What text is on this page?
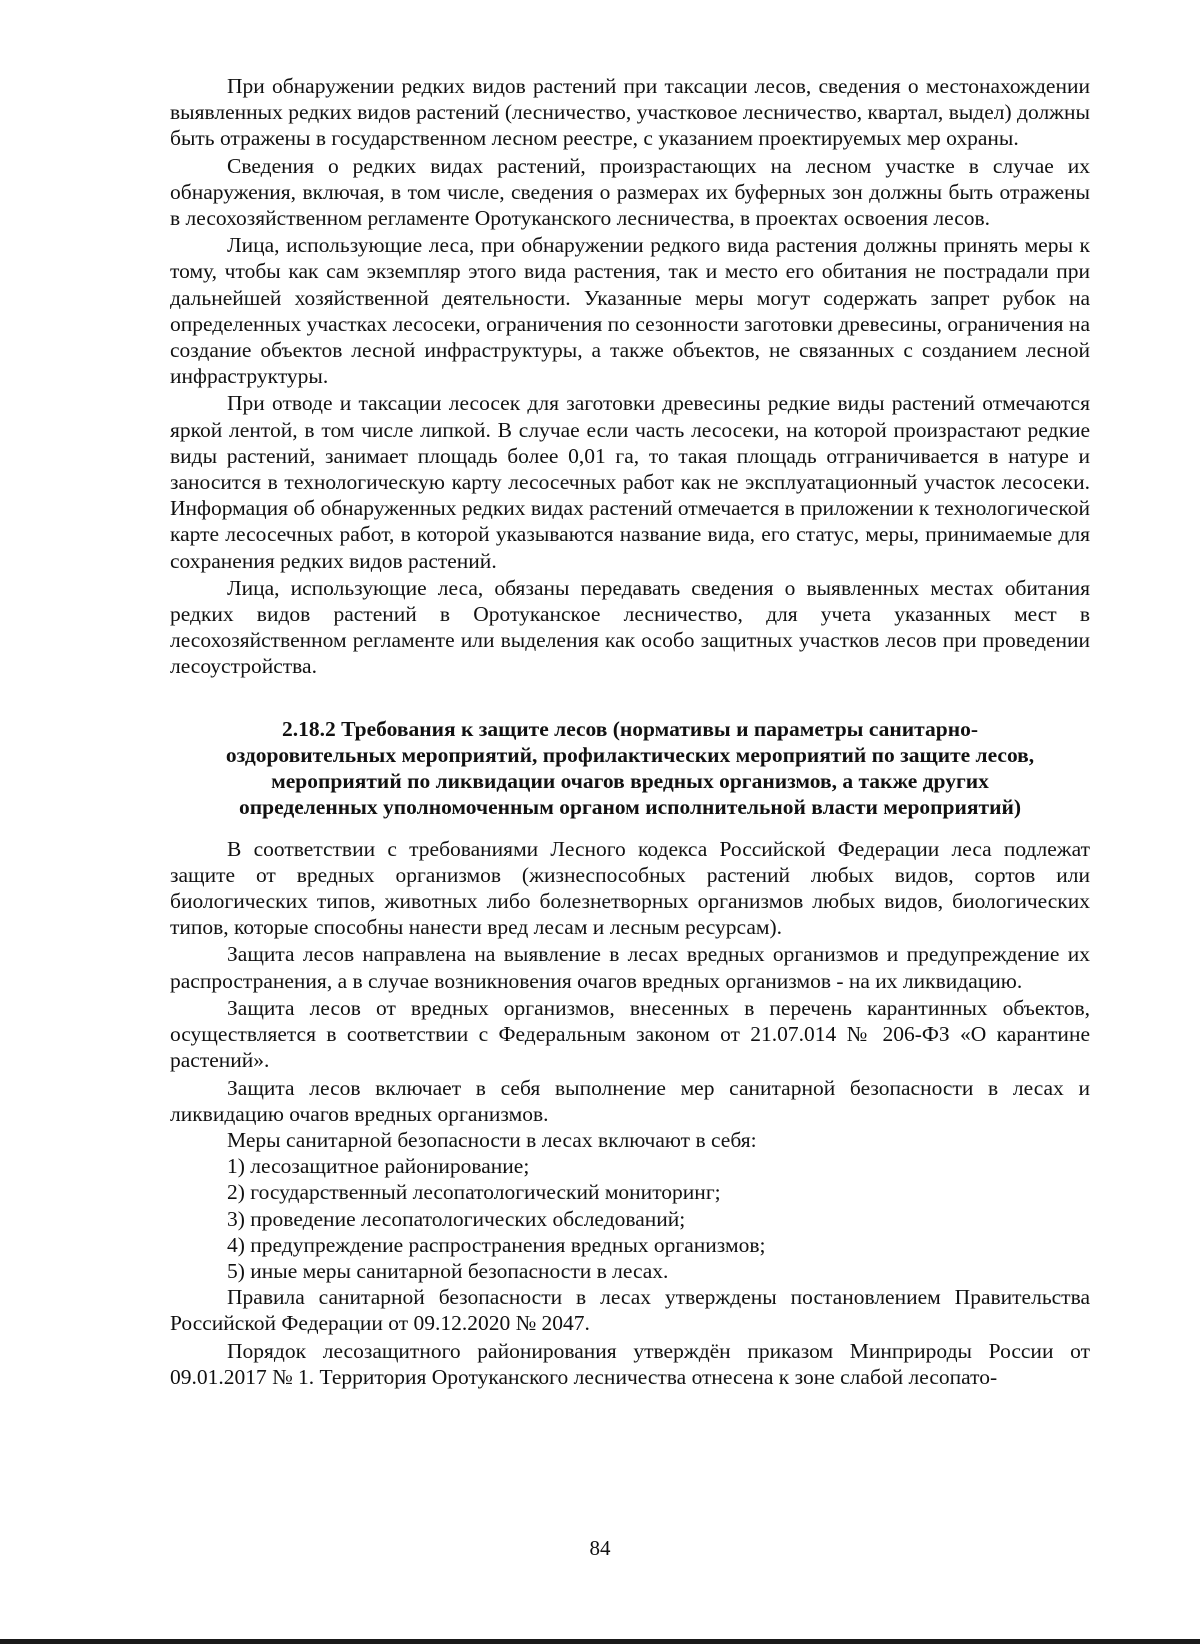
При обнаружении редких видов растений при таксации лесов, сведения о местонахождении выявленных редких видов растений (лесничество, участковое лесничество, квартал, выдел) должны быть отражены в государственном лесном реестре, с указанием проектируемых мер охраны.

Сведения о редких видах растений, произрастающих на лесном участке в случае их обнаружения, включая, в том числе, сведения о размерах их буферных зон должны быть отражены в лесохозяйственном регламенте Оротуканского лесничества, в проектах освоения лесов.

Лица, использующие леса, при обнаружении редкого вида растения должны принять меры к тому, чтобы как сам экземпляр этого вида растения, так и место его обитания не пострадали при дальнейшей хозяйственной деятельности. Указанные меры могут содержать запрет рубок на определенных участках лесосеки, ограничения по сезонности заготовки древесины, ограничения на создание объектов лесной инфраструктуры, а также объектов, не связанных с созданием лесной инфраструктуры.

При отводе и таксации лесосек для заготовки древесины редкие виды растений отмечаются яркой лентой, в том числе липкой. В случае если часть лесосеки, на которой произрастают редкие виды растений, занимает площадь более 0,01 га, то такая площадь отграничивается в натуре и заносится в технологическую карту лесосечных работ как не эксплуатационный участок лесосеки. Информация об обнаруженных редких видах растений отмечается в приложении к технологической карте лесосечных работ, в которой указываются название вида, его статус, меры, принимаемые для сохранения редких видов растений.

Лица, использующие леса, обязаны передавать сведения о выявленных местах обитания редких видов растений в Оротуканское лесничество, для учета указанных мест в лесохозяйственном регламенте или выделения как особо защитных участков лесов при проведении лесоустройства.

2.18.2 Требования к защите лесов (нормативы и параметры санитарно-оздоровительных мероприятий, профилактических мероприятий по защите лесов, мероприятий по ликвидации очагов вредных организмов, а также других определенных уполномоченным органом исполнительной власти мероприятий)

В соответствии с требованиями Лесного кодекса Российской Федерации леса подлежат защите от вредных организмов (жизнеспособных растений любых видов, сортов или биологических типов, животных либо болезнетворных организмов любых видов, биологических типов, которые способны нанести вред лесам и лесным ресурсам).

Защита лесов направлена на выявление в лесах вредных организмов и предупреждение их распространения, а в случае возникновения очагов вредных организмов - на их ликвидацию.

Защита лесов от вредных организмов, внесенных в перечень карантинных объектов, осуществляется в соответствии с Федеральным законом от 21.07.014 № 206-ФЗ «О карантине растений».

Защита лесов включает в себя выполнение мер санитарной безопасности в лесах и ликвидацию очагов вредных организмов.

Меры санитарной безопасности в лесах включают в себя:

1) лесозащитное районирование;

2) государственный лесопатологический мониторинг;

3) проведение лесопатологических обследований;

4) предупреждение распространения вредных организмов;

5) иные меры санитарной безопасности в лесах.

Правила санитарной безопасности в лесах утверждены постановлением Правительства Российской Федерации от 09.12.2020 № 2047.

Порядок лесозащитного районирования утверждён приказом Минприроды России от 09.01.2017 № 1. Территория Оротуканского лесничества отнесена к зоне слабой лесопато-

84
